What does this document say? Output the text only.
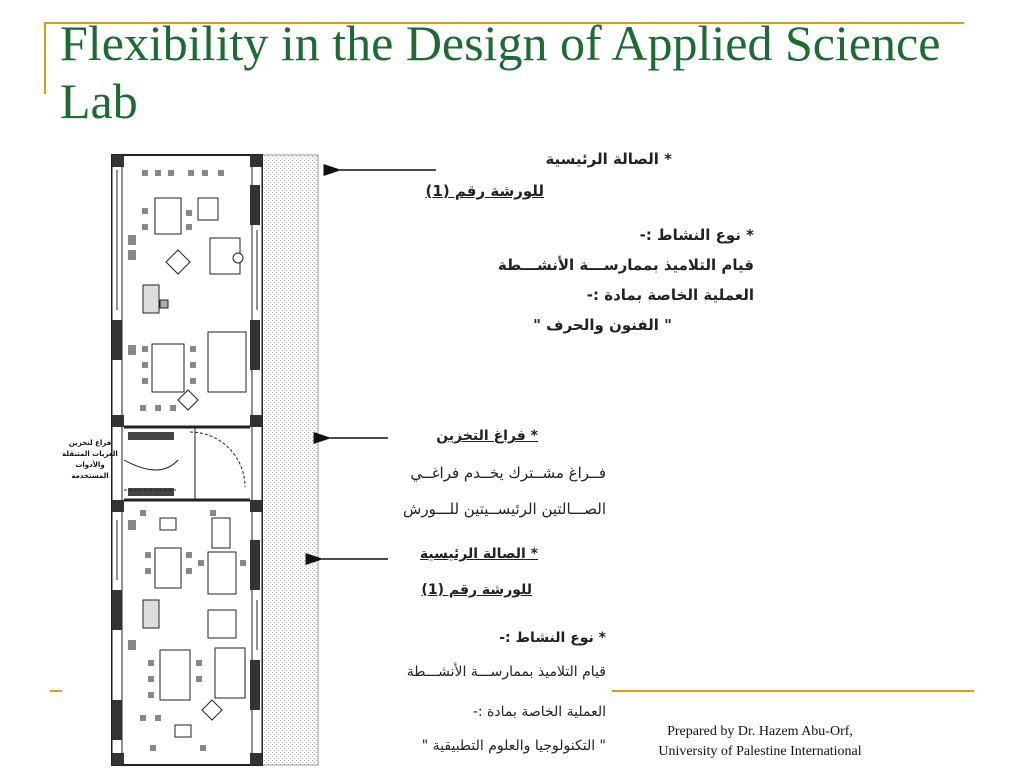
Flexibility in the Design of Applied Science Lab
فراغ لتخزين
العربات المتنقلة
والأدوات المستخدمة
* الصالة الرئيسية
للورشة رقم (1)
* نوع النشاط :-
قيام التلاميذ بممارســـة الأنشـــطة
العملية الخاصة بمادة :-
" الفنون والحرف "
* فراغ التخزين
فــراغ مشــترك يخــدم فراغــي
الصـــالتين الرئيســيتين للـــورش
* الصالة الرئيسية
للورشة رقم (1)
* نوع النشاط :-
قيام التلاميذ بممارســـة الأنشـــطة
العملية الخاصة بمادة :-
" التكنولوجيا والعلوم التطبيقية "
Prepared by Dr. Hazem Abu-Orf,
University of Palestine International
